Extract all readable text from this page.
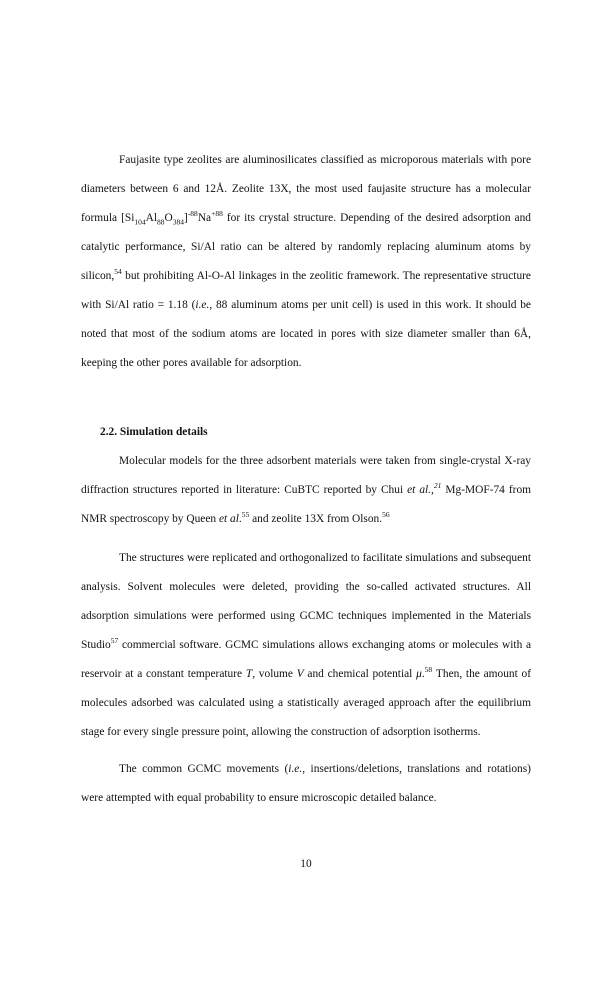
Faujasite type zeolites are aluminosilicates classified as microporous materials with pore diameters between 6 and 12Å. Zeolite 13X, the most used faujasite structure has a molecular formula $[Si_{104}Al_{88}O_{384}]^{-88}Na^{+88}$ for its crystal structure. Depending of the desired adsorption and catalytic performance, Si/Al ratio can be altered by randomly replacing aluminum atoms by silicon,$^{54}$ but prohibiting Al-O-Al linkages in the zeolitic framework. The representative structure with Si/Al ratio = 1.18 (i.e., 88 aluminum atoms per unit cell) is used in this work. It should be noted that most of the sodium atoms are located in pores with size diameter smaller than 6Å, keeping the other pores available for adsorption.

2.2. Simulation details

Molecular models for the three adsorbent materials were taken from single-crystal X-ray diffraction structures reported in literature: CuBTC reported by Chui et al.,$^{21}$ Mg-MOF-74 from NMR spectroscopy by Queen et al.$^{55}$ and zeolite 13X from Olson.$^{56}$

The structures were replicated and orthogonalized to facilitate simulations and subsequent analysis. Solvent molecules were deleted, providing the so-called activated structures. All adsorption simulations were performed using GCMC techniques implemented in the Materials Studio$^{57}$ commercial software. GCMC simulations allows exchanging atoms or molecules with a reservoir at a constant temperature T, volume V and chemical potential μ.$^{58}$ Then, the amount of molecules adsorbed was calculated using a statistically averaged approach after the equilibrium stage for every single pressure point, allowing the construction of adsorption isotherms.

The common GCMC movements (i.e., insertions/deletions, translations and rotations) were attempted with equal probability to ensure microscopic detailed balance.

10
